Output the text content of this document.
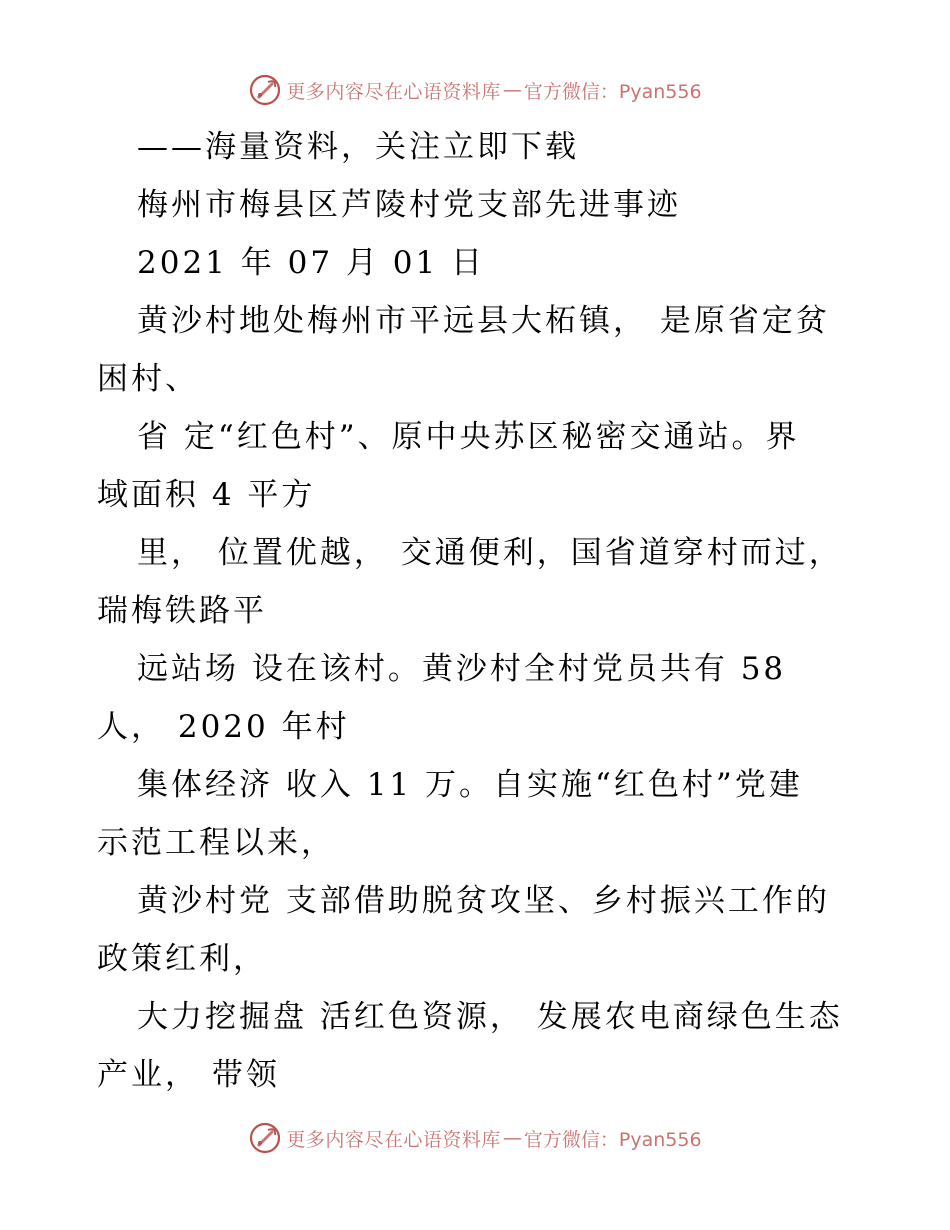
更多内容尽在心语资料库 — 官方微信：Pyan556
——海量资料，关注立即下载
梅州市梅县区芦陵村党支部先进事迹
2021 年 07 月 01 日
黄沙村地处梅州市平远县大柘镇， 是原省定贫
困村、
省 定“红色村”、原中央苏区秘密交通站。界
域面积 4 平方
里， 位置优越， 交通便利，国省道穿村而过，
瑞梅铁路平
远站场 设在该村。黄沙村全村党员共有 58
人， 2020 年村
集体经济 收入 11 万。自实施“红色村”党建
示范工程以来，
黄沙村党 支部借助脱贫攻坚、乡村振兴工作的
政策红利，
大力挖掘盘 活红色资源， 发展农电商绿色生态
产业， 带领
更多内容尽在心语资料库 — 官方微信：Pyan556
